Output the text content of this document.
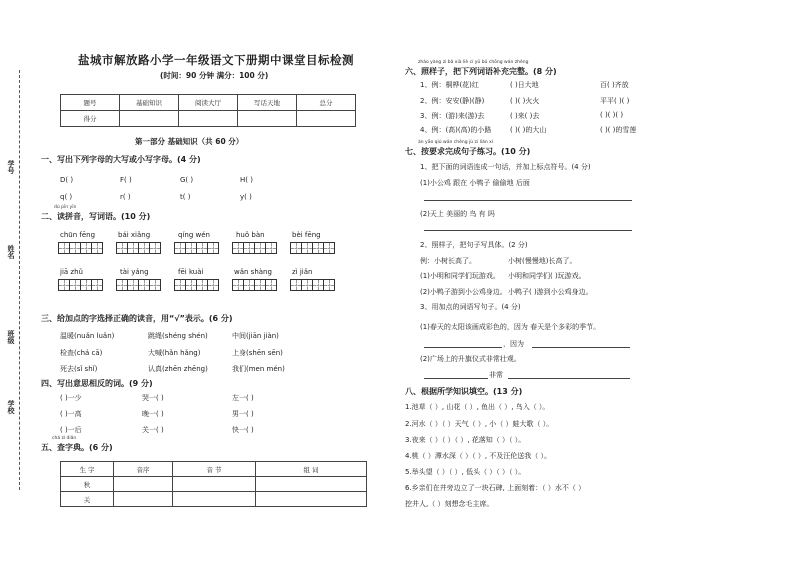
学号
姓名
班级
学校
盐城市解放路小学一年级语文下册期中课堂目标检测
(时间：90 分钟 满分：100 分)
题号	基础知识	阅读大厅	写话天地	总分
得分				
第一部分 基础知识（共 60 分）
一、写出下列字母的大写或小写字母。(4 分)
D( )	F( )	G( )	H( )
q( )	r( )	t( )	y( )
dú pīn yīn
二、读拼音，写词语。(10 分)
chūn fēng	bái xiǎng	qíng wén	huǒ bàn	bèi fēng
jiā zhǔ	tài yáng	fēi kuài	wǎn shàng	zì jiǎn
三、给加点的字选择正确的读音，用“√”表示。(6 分)
温暖(nuǎn luǎn)	跳绳(shéng shén)	中间(jiān jiàn)
检查(chá cā)	大喊(hǎn hǎng)	上身(shēn sēn)
死去(sǐ shǐ)	认真(zhēn zhēng)	我们(men mén)
四、写出意思相反的词。(9 分)
( )一少	哭一( )	左一( )
( )一高	晚一( )	男一( )
( )一后	关一( )	快一( )
chá zì diǎn
五、查字典。(6 分)
生 字	音序	音 节	组 词
秋			
关			
zhào yàng zi bǎ xià liè cí yǔ bǔ chōng wán zhěng
六、照样子，把下列词语补充完整。(8 分)
1、例：桐桦(花)红	( )日大地	百( )齐放
2、例：安安(静)(静)	( )( )火火	平平( )( )
3、例：(游)来(游)去	( )来( )去	( )( )( )
4、例：(高)(高)的小路	( )( )的大山	( )( )的雪莲
àn yāo qiú wán chéng jù zi liàn xí
七、按要求完成句子练习。(10 分)
1、把下面的词语连成一句话，并加上标点符号。(4 分)
(1)小公鸡 跟在 小鸭子 偷偷地 后面
(2)天上 美丽的 鸟 有 吗
2、照样子，把句子写具体。(2 分)
例：小树长高了。	小树(慢慢地)长高了。
(1)小明和同学们玩游戏。 小明和同学们( )玩游戏。
(2)小鸭子游到小公鸡身边。 小鸭子( )游到小公鸡身边。
3、用加点的词语写句子。(4 分)
(1)春天的太阳该画成彩色的，因为 春天是个多彩的季节。
，因为
(2)广场上的升旗仪式非常壮观。
非常
八、根据所学知识填空。(13 分)
1.池草（ ）, 山花（ ）, 鱼出（ ）, 鸟入（ ）。
2.河水（ ）（ ）天气（ ）, 小（ ）蛙大歌（ ）。
3.夜来（ ）（ ）（ ）, 花落知（ ）（ ）。
4.桃（ ）潭水深（ ）（ ）, 不及汪伦送我（ ）。
5.举头望（ ）（ ）, 低头（ ）（ ）（ ）。
6.乡亲们在井旁边立了一块石碑, 上面刻着：（ ）水不（ ）
挖井人,（ ）刻想念毛主席。
